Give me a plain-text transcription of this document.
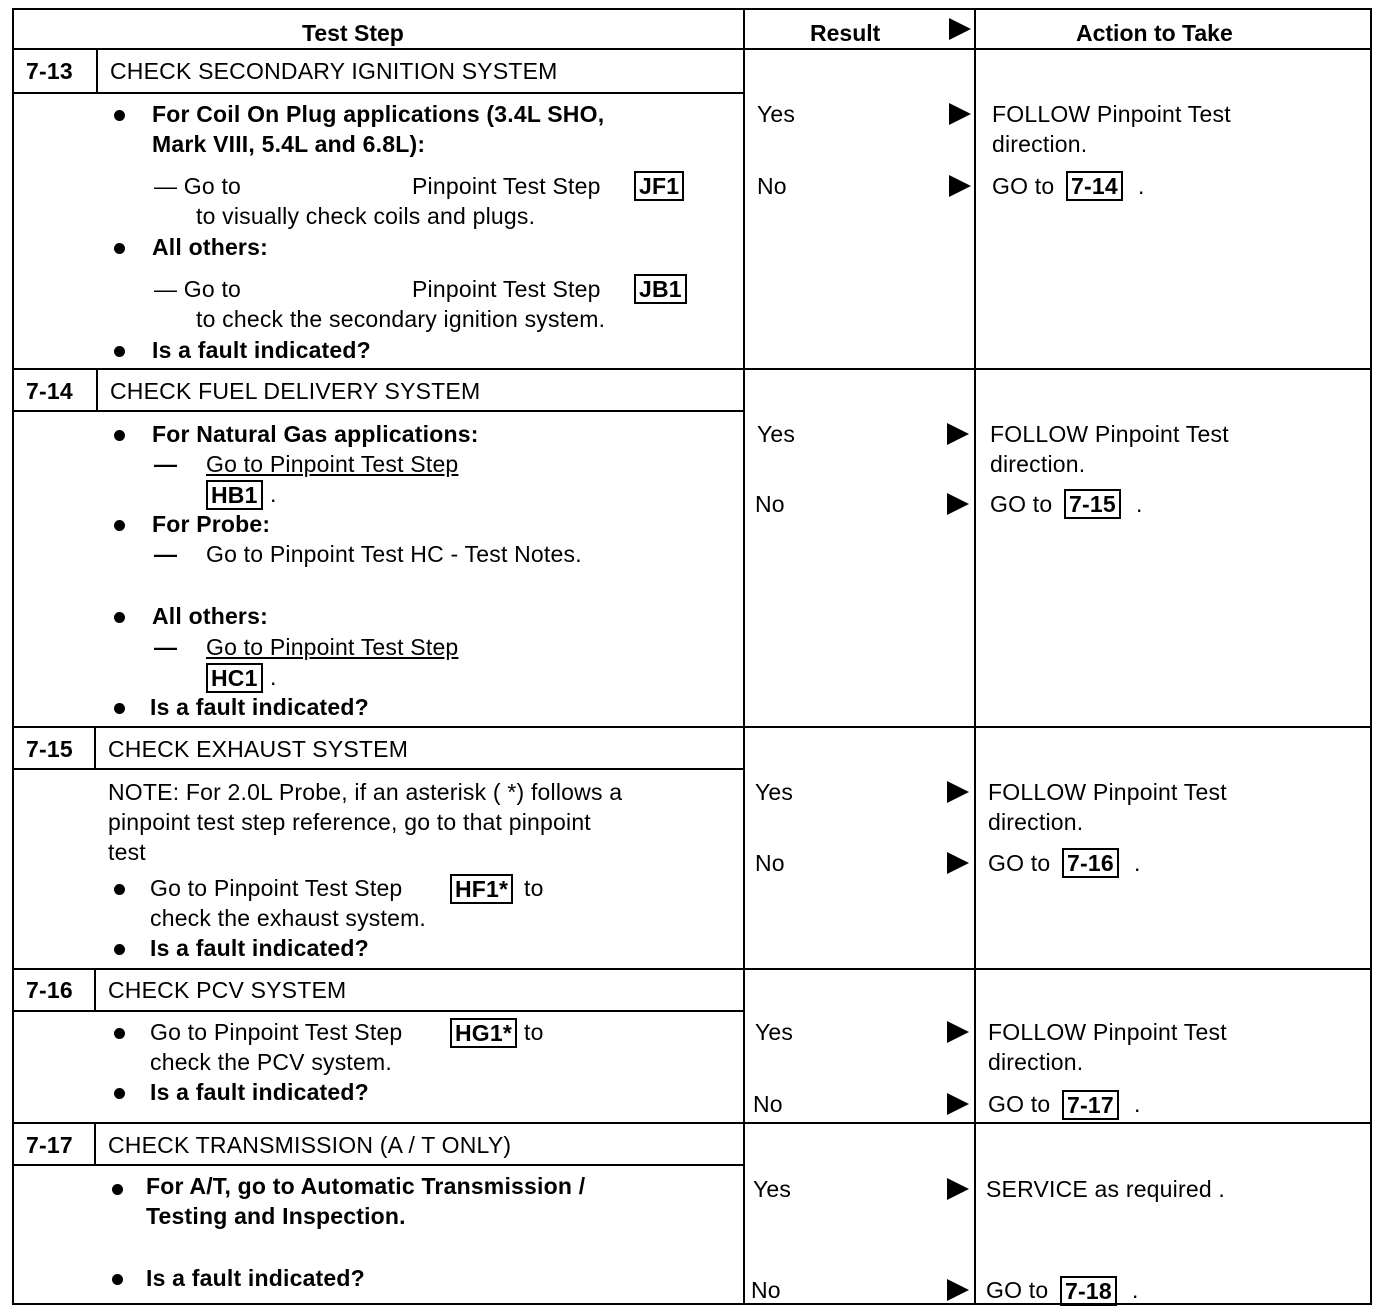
Test Step	Result	Action to Take
7-13 CHECK SECONDARY IGNITION SYSTEM
For Coil On Plug applications (3.4L SHO,
Mark VIII, 5.4L and 6.8L):
— Go to	Pinpoint Test Step JF1
to visually check coils and plugs.
All others:
— Go to	Pinpoint Test Step JB1
to check the secondary ignition system.
Is a fault indicated?
Yes	FOLLOW Pinpoint Test
direction.
No	GO to 7-14 .
7-14 CHECK FUEL DELIVERY SYSTEM
For Natural Gas applications:
— Go to Pinpoint Test Step
HB1 .
For Probe:
— Go to Pinpoint Test HC - Test Notes.
All others:
— Go to Pinpoint Test Step
HC1 .
Is a fault indicated?
Yes	FOLLOW Pinpoint Test
direction.
No	GO to 7-15 .
7-15 CHECK EXHAUST SYSTEM
NOTE: For 2.0L Probe, if an asterisk ( *) follows a
pinpoint test step reference, go to that pinpoint
test
Go to Pinpoint Test Step HF1* to
check the exhaust system.
Is a fault indicated?
Yes	FOLLOW Pinpoint Test
direction.
No	GO to 7-16 .
7-16 CHECK PCV SYSTEM
Go to Pinpoint Test Step HG1* to
check the PCV system.
Is a fault indicated?
Yes	FOLLOW Pinpoint Test
direction.
No	GO to 7-17 .
7-17 CHECK TRANSMISSION (A / T ONLY)
For A/T, go to Automatic Transmission /
Testing and Inspection.
Is a fault indicated?
Yes	SERVICE as required .
No	GO to 7-18 .
